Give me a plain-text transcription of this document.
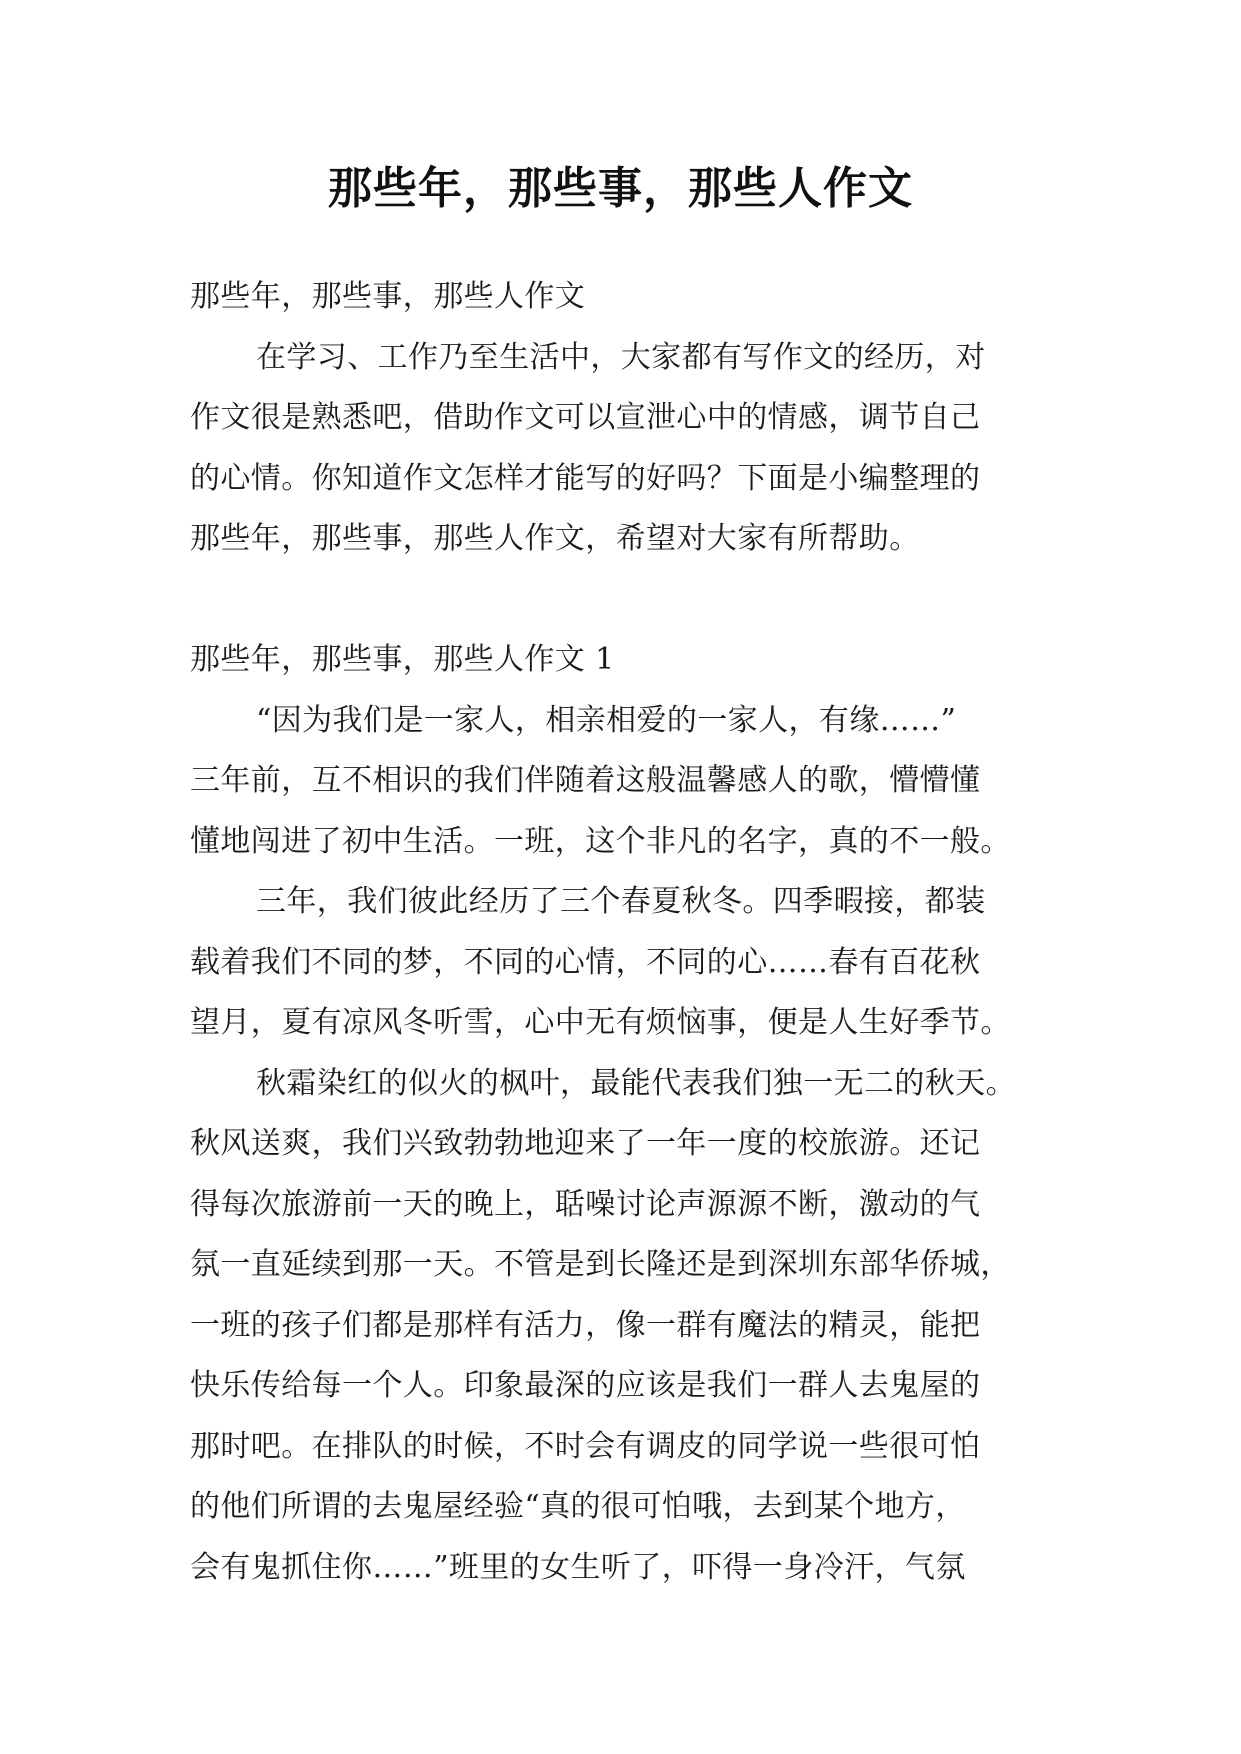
那些年，那些事，那些人作文
那些年，那些事，那些人作文
在学习、工作乃至生活中，大家都有写作文的经历，对
作文很是熟悉吧，借助作文可以宣泄心中的情感，调节自己
的心情。你知道作文怎样才能写的好吗？下面是小编整理的
那些年，那些事，那些人作文，希望对大家有所帮助。
那些年，那些事，那些人作文 1
“因为我们是一家人，相亲相爱的一家人，有缘……”
三年前，互不相识的我们伴随着这般温馨感人的歌，懵懵懂
懂地闯进了初中生活。一班，这个非凡的名字，真的不一般。
三年，我们彼此经历了三个春夏秋冬。四季暇接，都装
载着我们不同的梦，不同的心情，不同的心……春有百花秋
望月，夏有凉风冬听雪，心中无有烦恼事，便是人生好季节。
秋霜染红的似火的枫叶，最能代表我们独一无二的秋天。
秋风送爽，我们兴致勃勃地迎来了一年一度的校旅游。还记
得每次旅游前一天的晚上，聒噪讨论声源源不断，激动的气
氛一直延续到那一天。不管是到长隆还是到深圳东部华侨城，
一班的孩子们都是那样有活力，像一群有魔法的精灵，能把
快乐传给每一个人。印象最深的应该是我们一群人去鬼屋的
那时吧。在排队的时候，不时会有调皮的同学说一些很可怕
的他们所谓的去鬼屋经验“真的很可怕哦，去到某个地方，
会有鬼抓住你……”班里的女生听了，吓得一身冷汗，气氛
